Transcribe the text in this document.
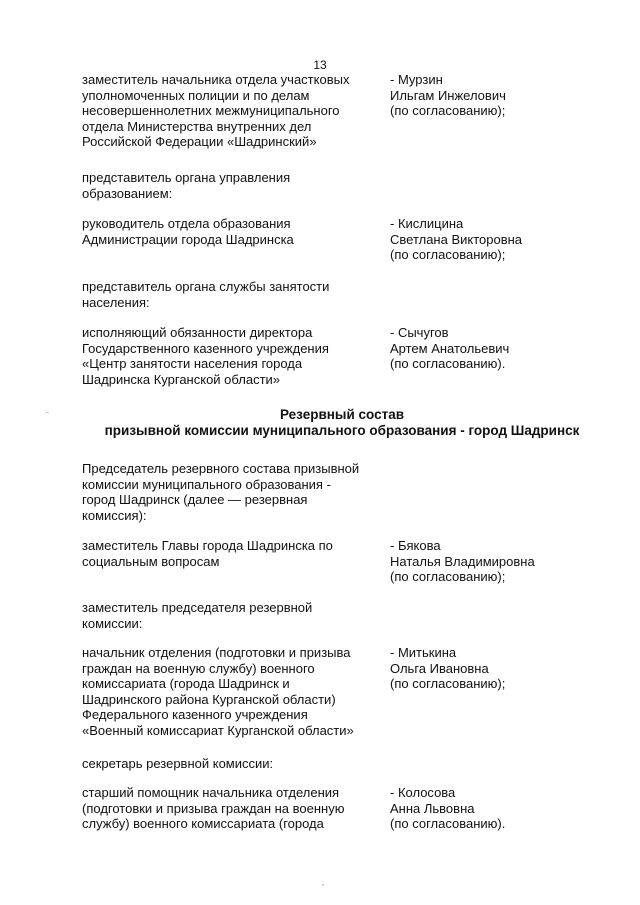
13
заместитель начальника отдела участковых
уполномоченных полиции и по делам
несовершеннолетних межмуниципального
отдела Министерства внутренних дел
Российской Федерации «Шадринский»
- Мурзин
Ильгам Инжелович
(по согласованию);
представитель органа управления
образованием:
руководитель отдела образования
Администрации города Шадринска
- Кислицина
Светлана Викторовна
(по согласованию);
представитель органа службы занятости
населения:
исполняющий обязанности директора
Государственного казенного учреждения
«Центр занятости населения города
Шадринска Курганской области»
- Сычугов
Артем Анатольевич
(по согласованию).
Резервный состав
призывной комиссии муниципального образования - город Шадринск
Председатель резервного состава призывной
комиссии муниципального образования -
город Шадринск (далее — резервная
комиссия):
заместитель Главы города Шадринска по
социальным вопросам
- Бякова
Наталья Владимировна
(по согласованию);
заместитель председателя резервной
комиссии:
начальник отделения (подготовки и призыва
граждан на военную службу) военного
комиссариата (города Шадринск и
Шадринского района Курганской области)
Федерального казенного учреждения
«Военный комиссариат Курганской области»
- Митькина
Ольга Ивановна
(по согласованию);
секретарь резервной комиссии:
старший помощник начальника отделения
(подготовки и призыва граждан на военную
службу) военного комиссариата (города
- Колосова
Анна Львовна
(по согласованию).
